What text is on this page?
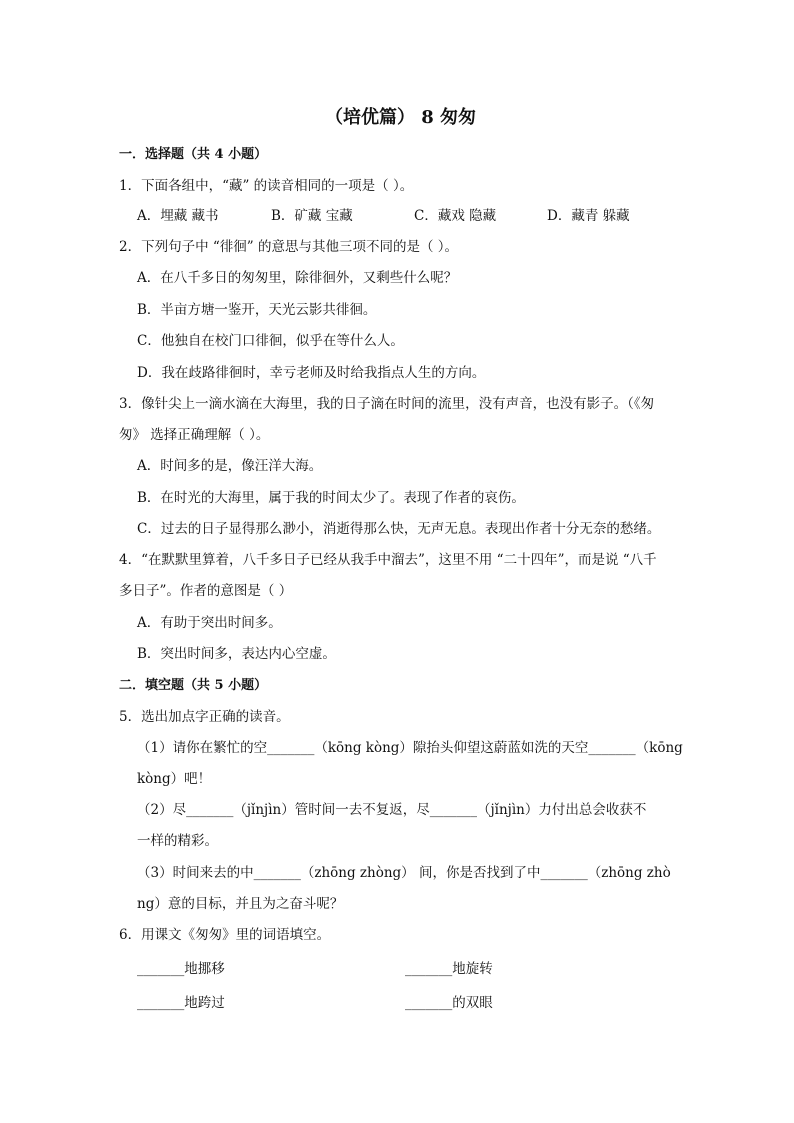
（培优篇） 8 匆匆
一．选择题（共 4 小题）
1．下面各组中，“藏” 的读音相同的一项是（ ）。
A．埋藏 藏书	B．矿藏 宝藏	C．藏戏 隐藏	D．藏青 躲藏
2．下列句子中 “徘徊” 的意思与其他三项不同的是（ ）。
A．在八千多日的匆匆里，除徘徊外，又剩些什么呢？
B．半亩方塘一鉴开，天光云影共徘徊。
C．他独自在校门口徘徊，似乎在等什么人。
D．我在歧路徘徊时，幸亏老师及时给我指点人生的方向。
3．像针尖上一滴水滴在大海里，我的日子滴在时间的流里，没有声音，也没有影子。（《匆
匆》 选择正确理解（ ）。
A．时间多的是，像汪洋大海。
B．在时光的大海里，属于我的时间太少了。表现了作者的哀伤。
C．过去的日子显得那么渺小，消逝得那么快，无声无息。表现出作者十分无奈的愁绪。
4．“在默默里算着，八千多日子已经从我手中溜去”，这里不用 “二十四年”，而是说 “八千
多日子”。作者的意图是（ ）
A．有助于突出时间多。
B．突出时间多，表达内心空虚。
二．填空题（共 5 小题）
5．选出加点字正确的读音。
（1）请你在繁忙的空_______（kōng kòng）隙抬头仰望这蔚蓝如洗的天空_______（kōng
kòng）吧！
（2）尽_______（jǐnjìn）管时间一去不复返，尽_______（jǐnjìn）力付出总会收获不
一样的精彩。
（3）时间来去的中_______（zhōng zhòng） 间，你是否找到了中_______（zhōng zhò
ng）意的目标，并且为之奋斗呢？
6．用课文《匆匆》里的词语填空。
_______地挪移	_______地旋转
_______地跨过	_______的双眼
